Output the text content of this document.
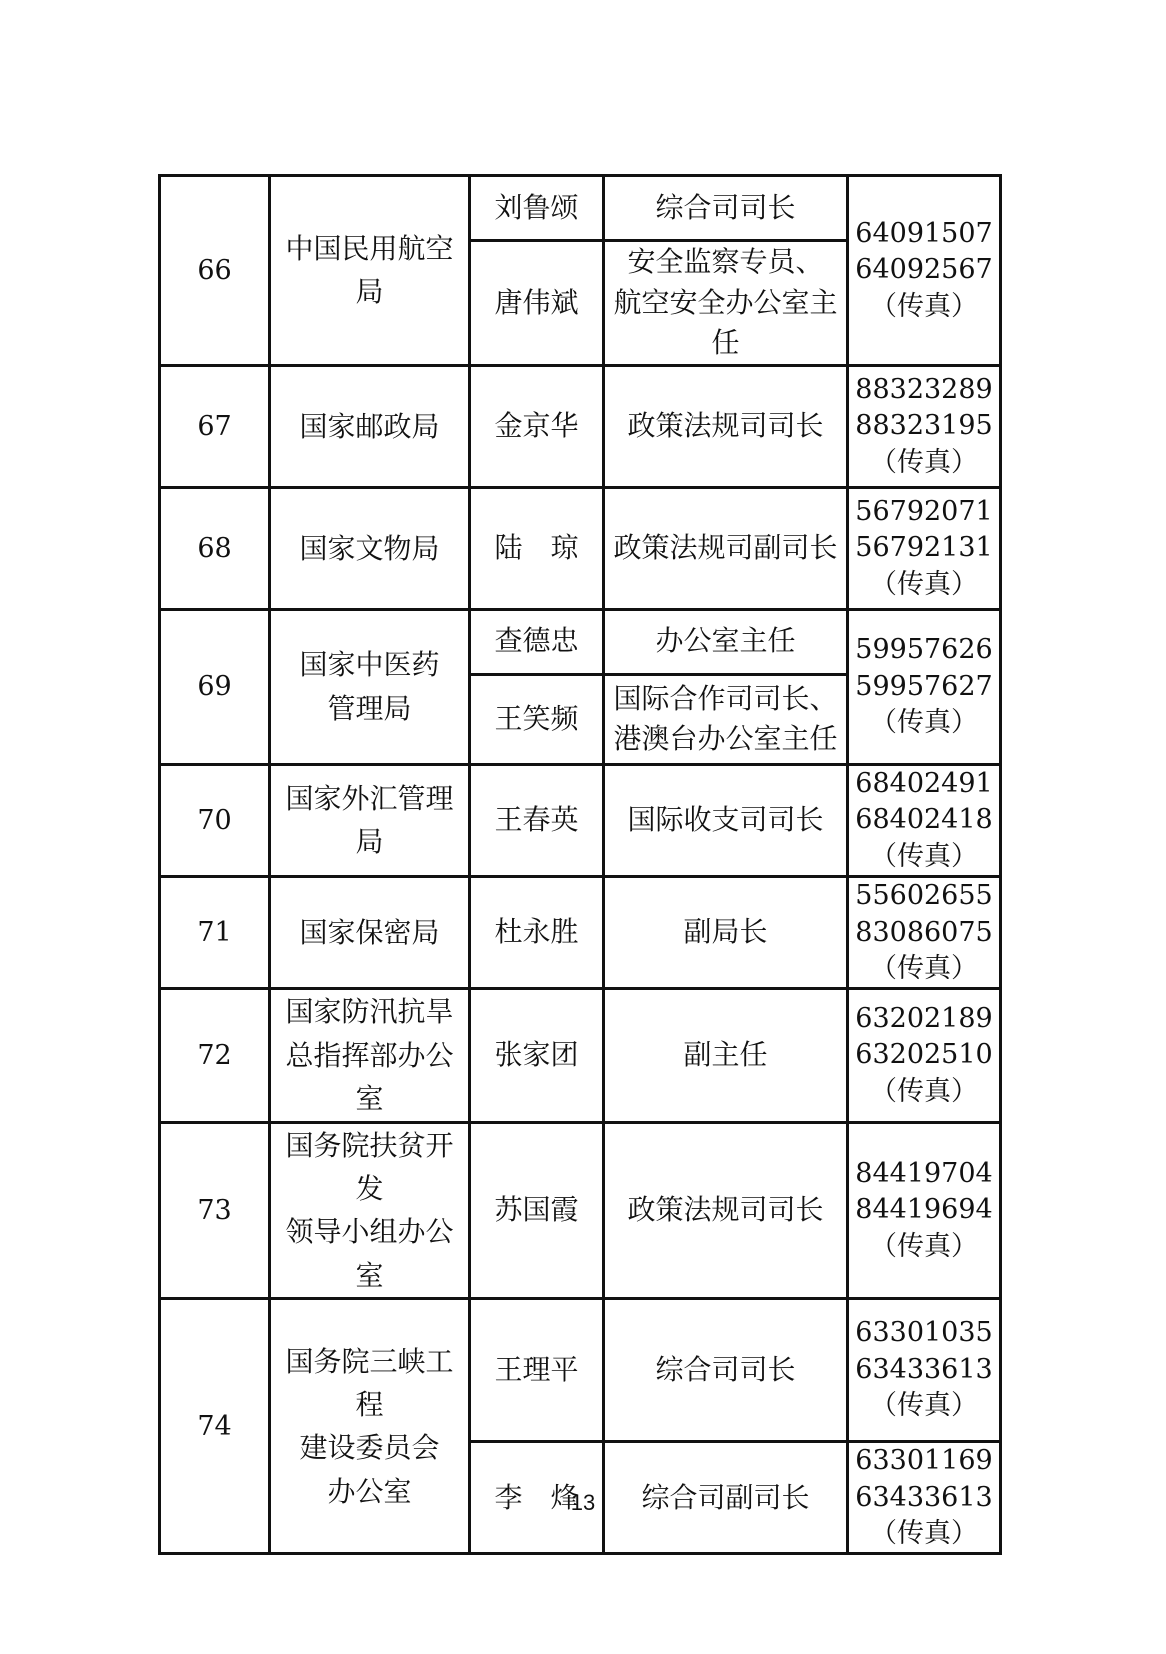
66	中国民用航空局	刘鲁颂	综合司司长	64091507
64092567
（传真）

		唐伟斌	安全监察专员、
航空安全办公室主任	

67	国家邮政局	金京华	政策法规司司长	88323289
88323195
（传真）

68	国家文物局	陆　琼	政策法规司副司长	56792071
56792131
（传真）

69	国家中医药
管理局	查德忠	办公室主任	59957626
59957627
（传真）

		王笑频	国际合作司司长、
港澳台办公室主任	

70	国家外汇管理局	王春英	国际收支司司长	68402491
68402418
（传真）

71	国家保密局	杜永胜	副局长	55602655
83086075
（传真）

72	国家防汛抗旱
总指挥部办公室	张家团	副主任	63202189
63202510
（传真）

73	国务院扶贫开发
领导小组办公室	苏国霞	政策法规司司长	84419704
84419694
（传真）

74	国务院三峡工程
建设委员会
办公室	王理平	综合司司长	63301035
63433613
（传真）

		李　烽	综合司副司长	63301169
63433613
（传真）
13
